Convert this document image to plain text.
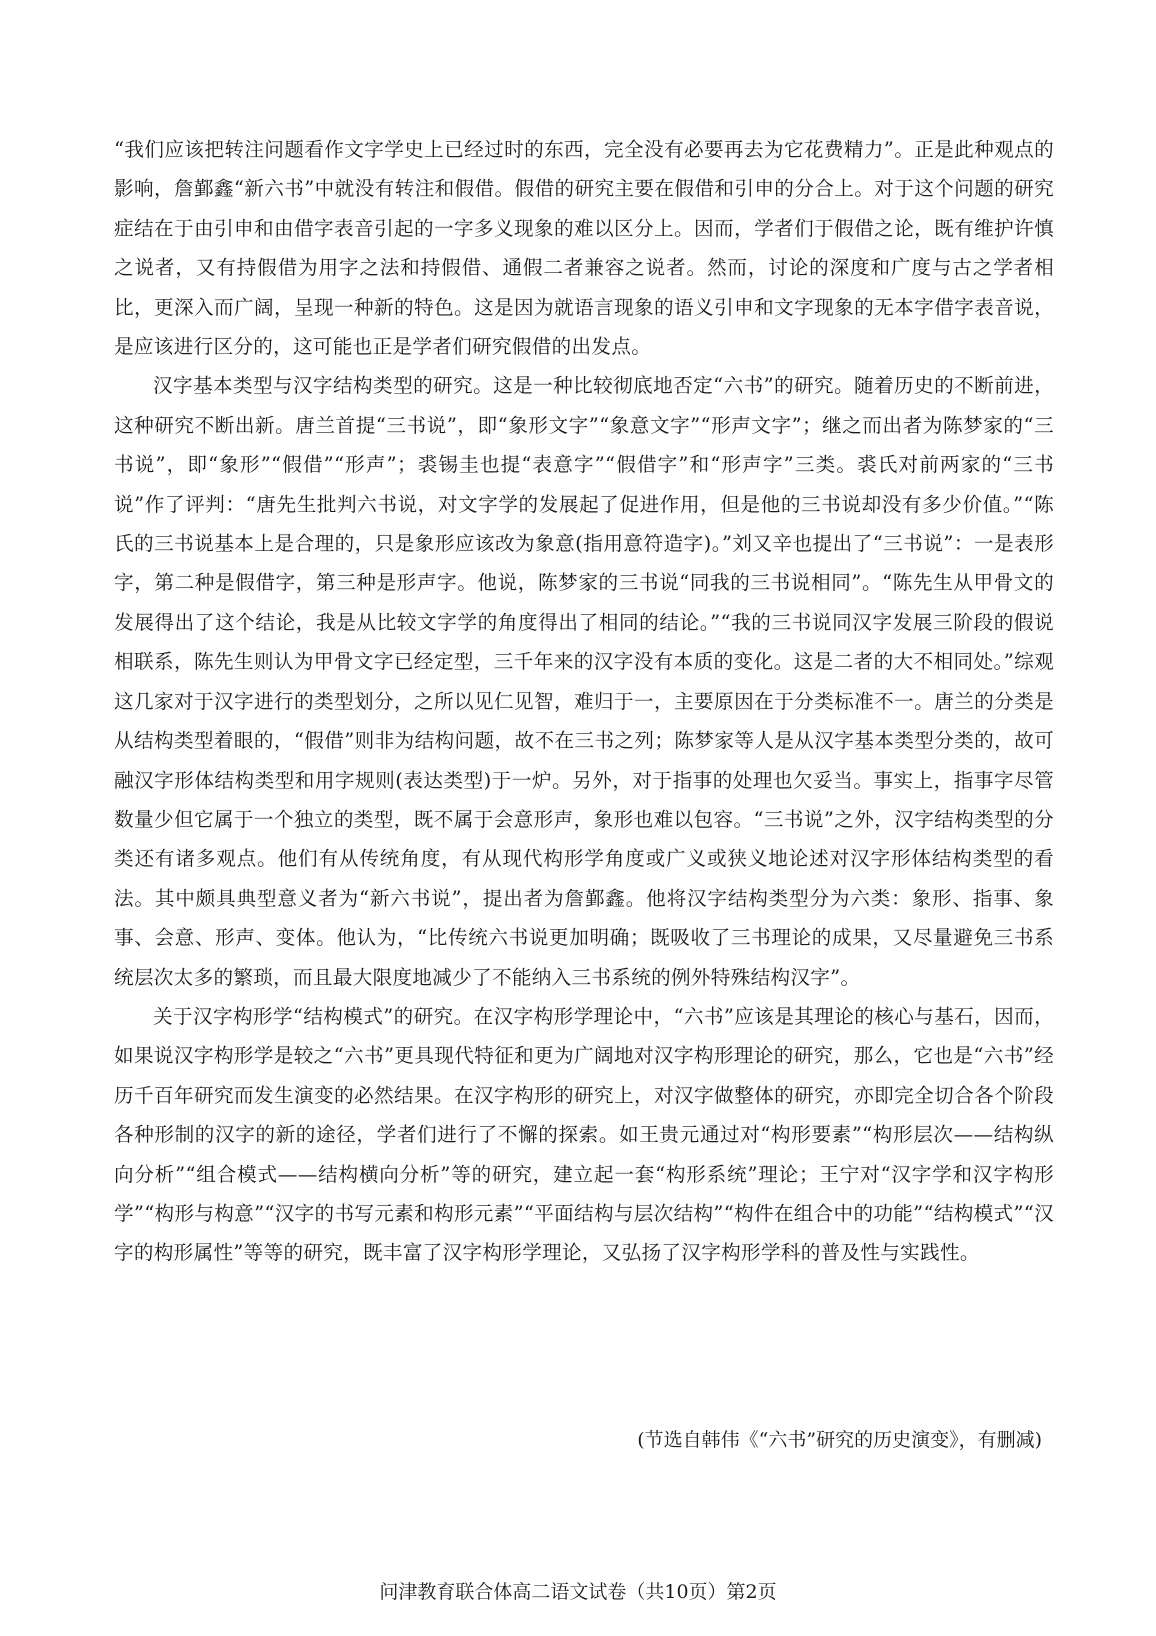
“我们应该把转注问题看作文字学史上已经过时的东西，完全没有必要再去为它花费精力”。正是此种观点的影响，詹鄞鑫“新六书”中就没有转注和假借。假借的研究主要在假借和引申的分合上。对于这个问题的研究症结在于由引申和由借字表音引起的一字多义现象的难以区分上。因而，学者们于假借之论，既有维护许慎之说者，又有持假借为用字之法和持假借、通假二者兼容之说者。然而，讨论的深度和广度与古之学者相比，更深入而广阔，呈现一种新的特色。这是因为就语言现象的语义引申和文字现象的无本字借字表音说，是应该进行区分的，这可能也正是学者们研究假借的出发点。

汉字基本类型与汉字结构类型的研究。这是一种比较彻底地否定“六书”的研究。随着历史的不断前进，这种研究不断出新。唐兰首提“三书说”，即“象形文字”“象意文字”“形声文字”；继之而出者为陈梦家的“三书说”，即“象形”“假借”“形声”；裘锡圭也提“表意字”“假借字”和“形声字”三类。裘氏对前两家的“三书说”作了评判：“唐先生批判六书说，对文字学的发展起了促进作用，但是他的三书说却没有多少价值。”“陈氏的三书说基本上是合理的，只是象形应该改为象意(指用意符造字)。”刘又辛也提出了“三书说”：一是表形字，第二种是假借字，第三种是形声字。他说，陈梦家的三书说“同我的三书说相同”。“陈先生从甲骨文的发展得出了这个结论，我是从比较文字学的角度得出了相同的结论。”“我的三书说同汉字发展三阶段的假说相联系，陈先生则认为甲骨文字已经定型，三千年来的汉字没有本质的变化。这是二者的大不相同处。”综观这几家对于汉字进行的类型划分，之所以见仁见智，难归于一，主要原因在于分类标准不一。唐兰的分类是从结构类型着眼的，“假借”则非为结构问题，故不在三书之列；陈梦家等人是从汉字基本类型分类的，故可融汉字形体结构类型和用字规则(表达类型)于一炉。另外，对于指事的处理也欠妥当。事实上，指事字尽管数量少但它属于一个独立的类型，既不属于会意形声，象形也难以包容。“三书说”之外，汉字结构类型的分类还有诸多观点。他们有从传统角度，有从现代构形学角度或广义或狭义地论述对汉字形体结构类型的看法。其中颇具典型意义者为“新六书说”，提出者为詹鄞鑫。他将汉字结构类型分为六类：象形、指事、象事、会意、形声、变体。他认为，“比传统六书说更加明确；既吸收了三书理论的成果，又尽量避免三书系统层次太多的繁琐，而且最大限度地减少了不能纳入三书系统的例外特殊结构汉字”。

关于汉字构形学“结构模式”的研究。在汉字构形学理论中，“六书”应该是其理论的核心与基石，因而，如果说汉字构形学是较之“六书”更具现代特征和更为广阔地对汉字构形理论的研究，那么，它也是“六书”经历千百年研究而发生演变的必然结果。在汉字构形的研究上，对汉字做整体的研究，亦即完全切合各个阶段各种形制的汉字的新的途径，学者们进行了不懈的探索。如王贵元通过对“构形要素”“构形层次——结构纵向分析”“组合模式——结构横向分析”等的研究，建立起一套“构形系统”理论；王宁对“汉字学和汉字构形学”“构形与构意”“汉字的书写元素和构形元素”“平面结构与层次结构”“构件在组合中的功能”“结构模式”“汉字的构形属性”等等的研究，既丰富了汉字构形学理论，又弘扬了汉字构形学科的普及性与实践性。

(节选自韩伟《“六书”研究的历史演变》，有删减)

问津教育联合体高二语文试卷（共10页）第2页
